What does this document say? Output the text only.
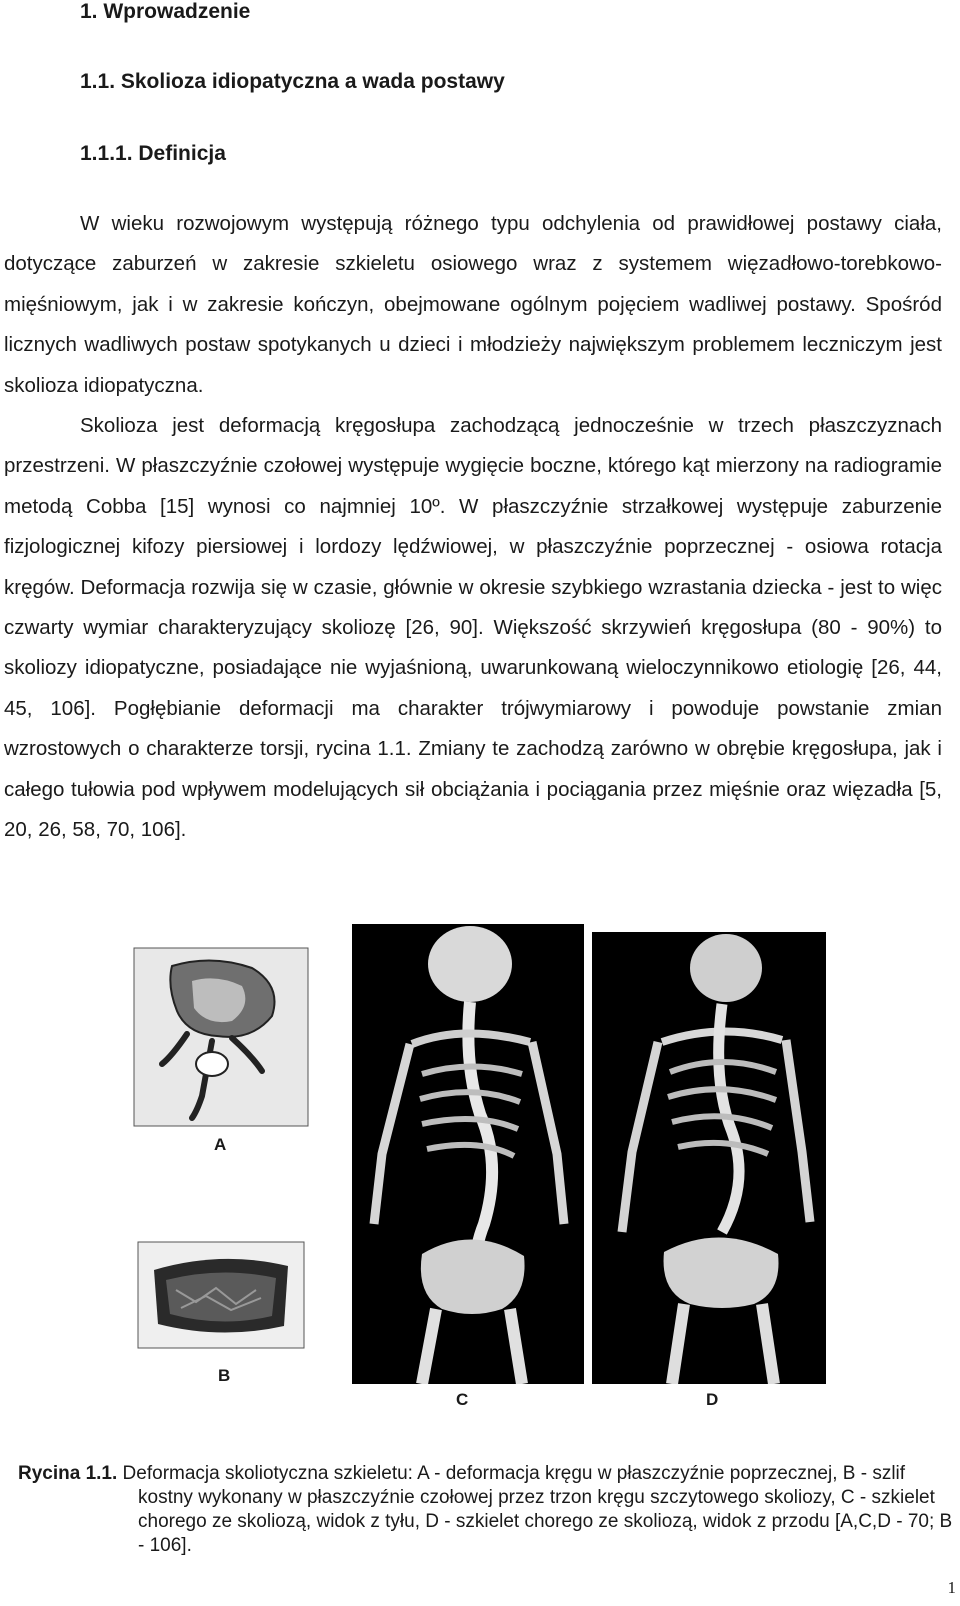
1. Wprowadzenie
1.1. Skolioza idiopatyczna a wada postawy
1.1.1. Definicja

W wieku rozwojowym występują różnego typu odchylenia od prawidłowej postawy ciała, dotyczące zaburzeń w zakresie szkieletu osiowego wraz z systemem więzadłowo-torebkowo-mięśniowym, jak i w zakresie kończyn, obejmowane ogólnym pojęciem wadliwej postawy. Spośród licznych wadliwych postaw spotykanych u dzieci i młodzieży największym problemem leczniczym jest skolioza idiopatyczna.

Skolioza jest deformacją kręgosłupa zachodzącą jednocześnie w trzech płaszczyznach przestrzeni. W płaszczyźnie czołowej występuje wygięcie boczne, którego kąt mierzony na radiogramie metodą Cobba [15] wynosi co najmniej 10º. W płaszczyźnie strzałkowej występuje zaburzenie fizjologicznej kifozy piersiowej i lordozy lędźwiowej, w płaszczyźnie poprzecznej - osiowa rotacja kręgów. Deformacja rozwija się w czasie, głównie w okresie szybkiego wzrastania dziecka - jest to więc czwarty wymiar charakteryzujący skoliozę [26, 90]. Większość skrzywień kręgosłupa (80 - 90%) to skoliozy idiopatyczne, posiadające nie wyjaśnioną, uwarunkowaną wieloczynnikowo etiologię [26, 44, 45, 106]. Pogłębianie deformacji ma charakter trójwymiarowy i powoduje powstanie zmian wzrostowych o charakterze torsji, rycina 1.1. Zmiany te zachodzą zarówno w obrębie kręgosłupa, jak i całego tułowia pod wpływem modelujących sił obciążania i pociągania przez mięśnie oraz więzadła [5, 20, 26, 58, 70, 106].

A
B
C	D
Rycina 1.1. Deformacja skoliotyczna szkieletu: A - deformacja kręgu w płaszczyźnie poprzecznej, B - szlif kostny wykonany w płaszczyźnie czołowej przez trzon kręgu szczytowego skoliozy, C - szkielet chorego ze skoliozą, widok z tyłu, D - szkielet chorego ze skoliozą, widok z przodu [A,C,D - 70; B - 106].
1
